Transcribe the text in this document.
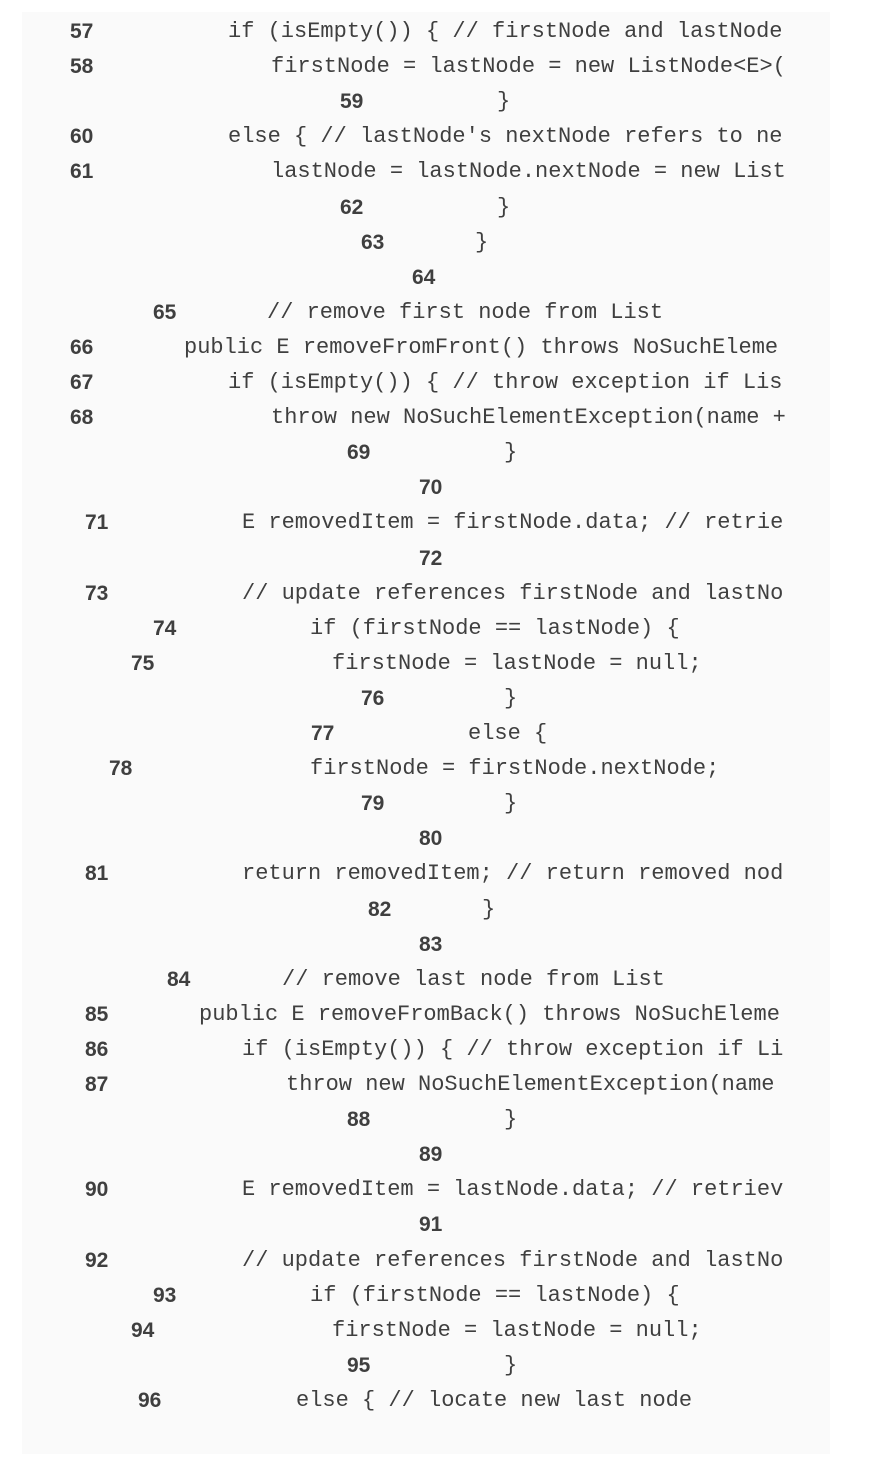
57	if (isEmpty()) { // firstNode and lastNode
58	firstNode = lastNode = new ListNode<E>(
59	}
60	else { // lastNode's nextNode refers to ne
61	lastNode = lastNode.nextNode = new List
62	}
63	}
64
65	// remove first node from List
66	public E removeFromFront() throws NoSuchEleme
67	if (isEmpty()) { // throw exception if Lis
68	throw new NoSuchElementException(name +
69	}
70
71	E removedItem = firstNode.data; // retrie
72
73	// update references firstNode and lastNo
74	if (firstNode == lastNode) {
75	firstNode = lastNode = null;
76	}
77	else {
78	firstNode = firstNode.nextNode;
79	}
80
81	return removedItem; // return removed nod
82	}
83
84	// remove last node from List
85	public E removeFromBack() throws NoSuchEleme
86	if (isEmpty()) { // throw exception if Li
87	throw new NoSuchElementException(name
88	}
89
90	E removedItem = lastNode.data; // retriev
91
92	// update references firstNode and lastNo
93	if (firstNode == lastNode) {
94	firstNode = lastNode = null;
95	}
96	else { // locate new last node
